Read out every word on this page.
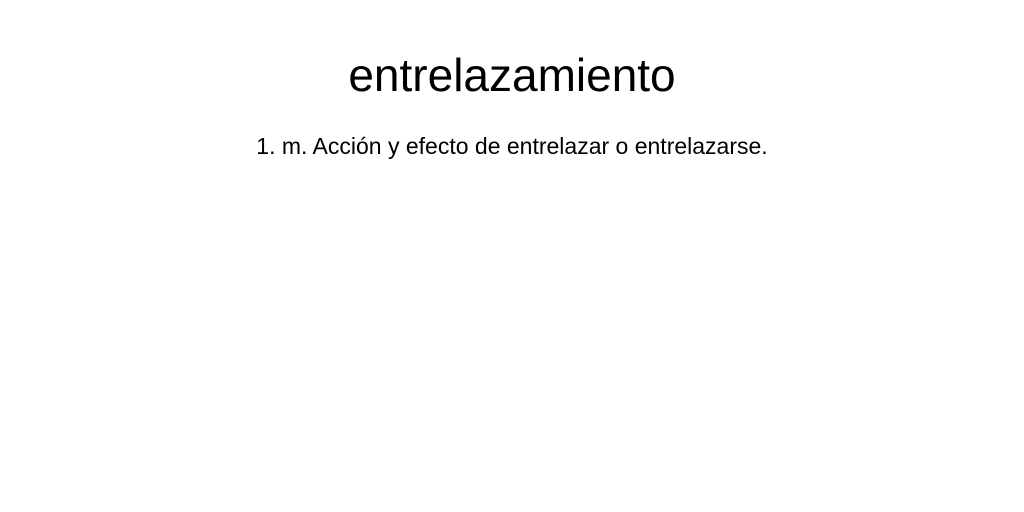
entrelazamiento

1. m. Acción y efecto de entrelazar o entrelazarse.
